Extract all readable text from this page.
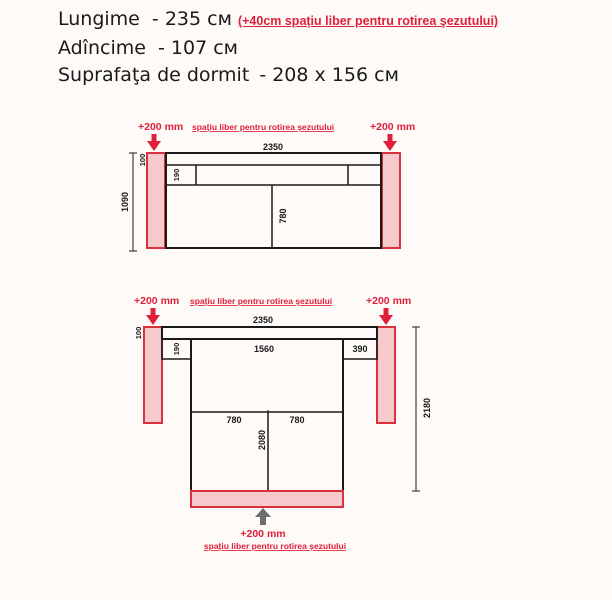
Lungime - 235 см (+40cm spațiu liber pentru rotirea şezutului)
Adîncime - 107 см
Suprafaţa de dormit - 208 x 156 см
+200 mm spațiu liber pentru rotirea şezutului	+200 mm
2350
100
190
780
1090
+200 mm spațiu liber pentru rotirea şezutului	+200 mm
2350
100
190	1560	390
780	780
2080
2180
+200 mm
spațiu liber pentru rotirea şezutului
